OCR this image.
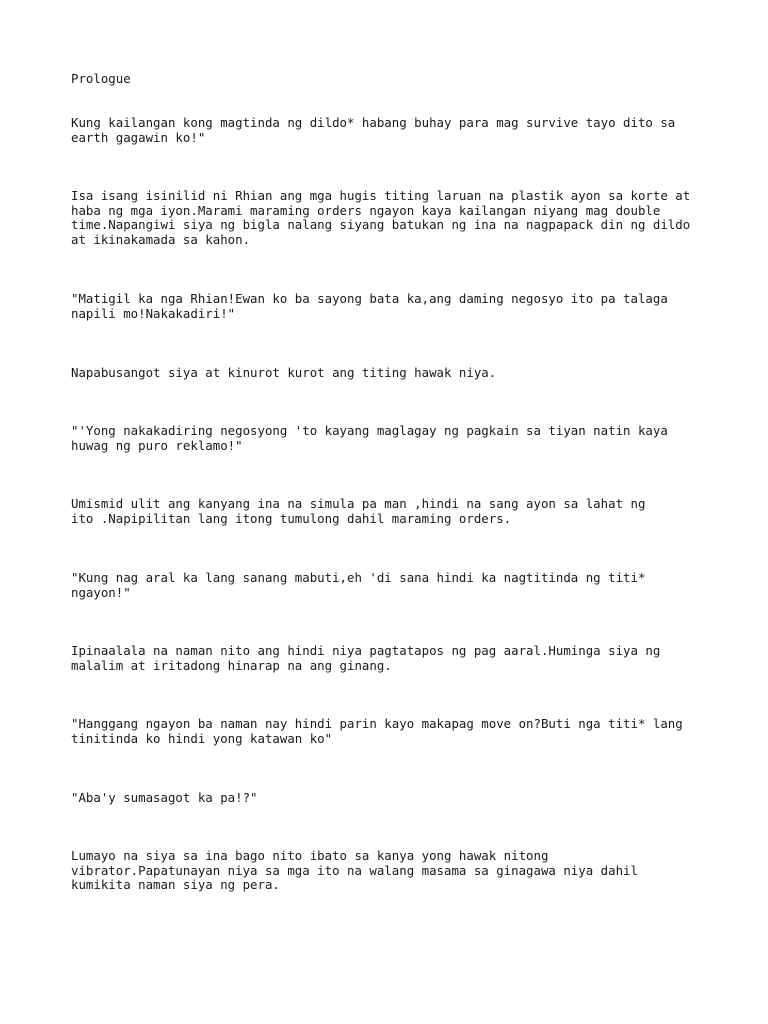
Prologue

Kung kailangan kong magtinda ng dildo* habang buhay para mag survive tayo dito sa
earth gagawin ko!"

Isa isang isinilid ni Rhian ang mga hugis titing laruan na plastik ayon sa korte at
haba ng mga iyon.Marami maraming orders ngayon kaya kailangan niyang mag double
time.Napangiwi siya ng bigla nalang siyang batukan ng ina na nagpapack din ng dildo
at ikinakamada sa kahon.

"Matigil ka nga Rhian!Ewan ko ba sayong bata ka,ang daming negosyo ito pa talaga
napili mo!Nakakadiri!"

Napabusangot siya at kinurot kurot ang titing hawak niya.

"'Yong nakakadiring negosyong 'to kayang maglagay ng pagkain sa tiyan natin kaya
huwag ng puro reklamo!"

Umismid ulit ang kanyang ina na simula pa man ,hindi na sang ayon sa lahat ng
ito .Napipilitan lang itong tumulong dahil maraming orders.

"Kung nag aral ka lang sanang mabuti,eh 'di sana hindi ka nagtitinda ng titi*
ngayon!"

Ipinaalala na naman nito ang hindi niya pagtatapos ng pag aaral.Huminga siya ng
malalim at iritadong hinarap na ang ginang.

"Hanggang ngayon ba naman nay hindi parin kayo makapag move on?Buti nga titi* lang
tinitinda ko hindi yong katawan ko"

"Aba'y sumasagot ka pa!?"

Lumayo na siya sa ina bago nito ibato sa kanya yong hawak nitong
vibrator.Papatunayan niya sa mga ito na walang masama sa ginagawa niya dahil
kumikita naman siya ng pera.
